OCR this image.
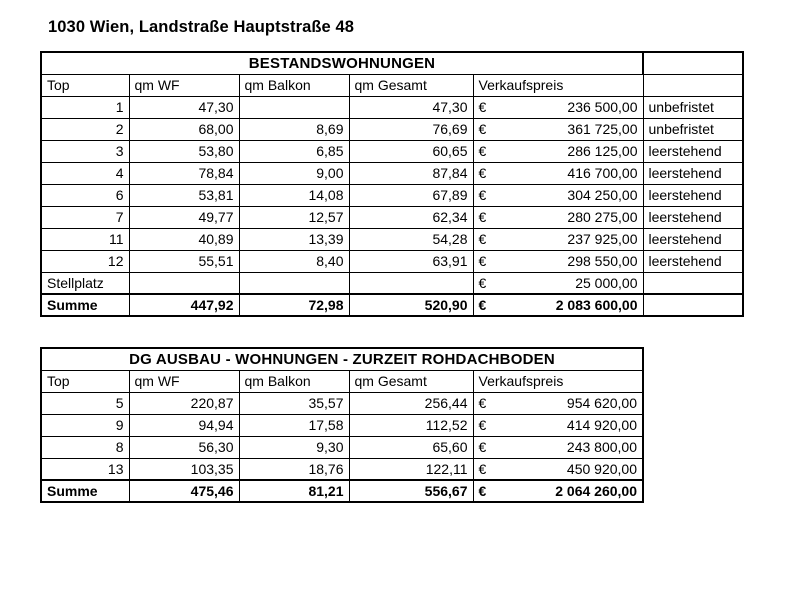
1030 Wien, Landstraße Hauptstraße 48
BESTANDSWOHNUNGEN						
Top	qm WF	qm Balkon	qm Gesamt	Verkaufspreis		
1	47,30		47,30	€	236 500,00	unbefristet
2	68,00	8,69	76,69	€	361 725,00	unbefristet
3	53,80	6,85	60,65	€	286 125,00	leerstehend
4	78,84	9,00	87,84	€	416 700,00	leerstehend
6	53,81	14,08	67,89	€	304 250,00	leerstehend
7	49,77	12,57	62,34	€	280 275,00	leerstehend
11	40,89	13,39	54,28	€	237 925,00	leerstehend
12	55,51	8,40	63,91	€	298 550,00	leerstehend
Stellplatz				€	25 000,00	
Summe	447,92	72,98	520,90	€	2 083 600,00	
DG AUSBAU - WOHNUNGEN - ZURZEIT ROHDACHBODEN					
Top	qm WF	qm Balkon	qm Gesamt	Verkaufspreis	
5	220,87	35,57	256,44	€	954 620,00
9	94,94	17,58	112,52	€	414 920,00
8	56,30	9,30	65,60	€	243 800,00
13	103,35	18,76	122,11	€	450 920,00
Summe	475,46	81,21	556,67	€	2 064 260,00
